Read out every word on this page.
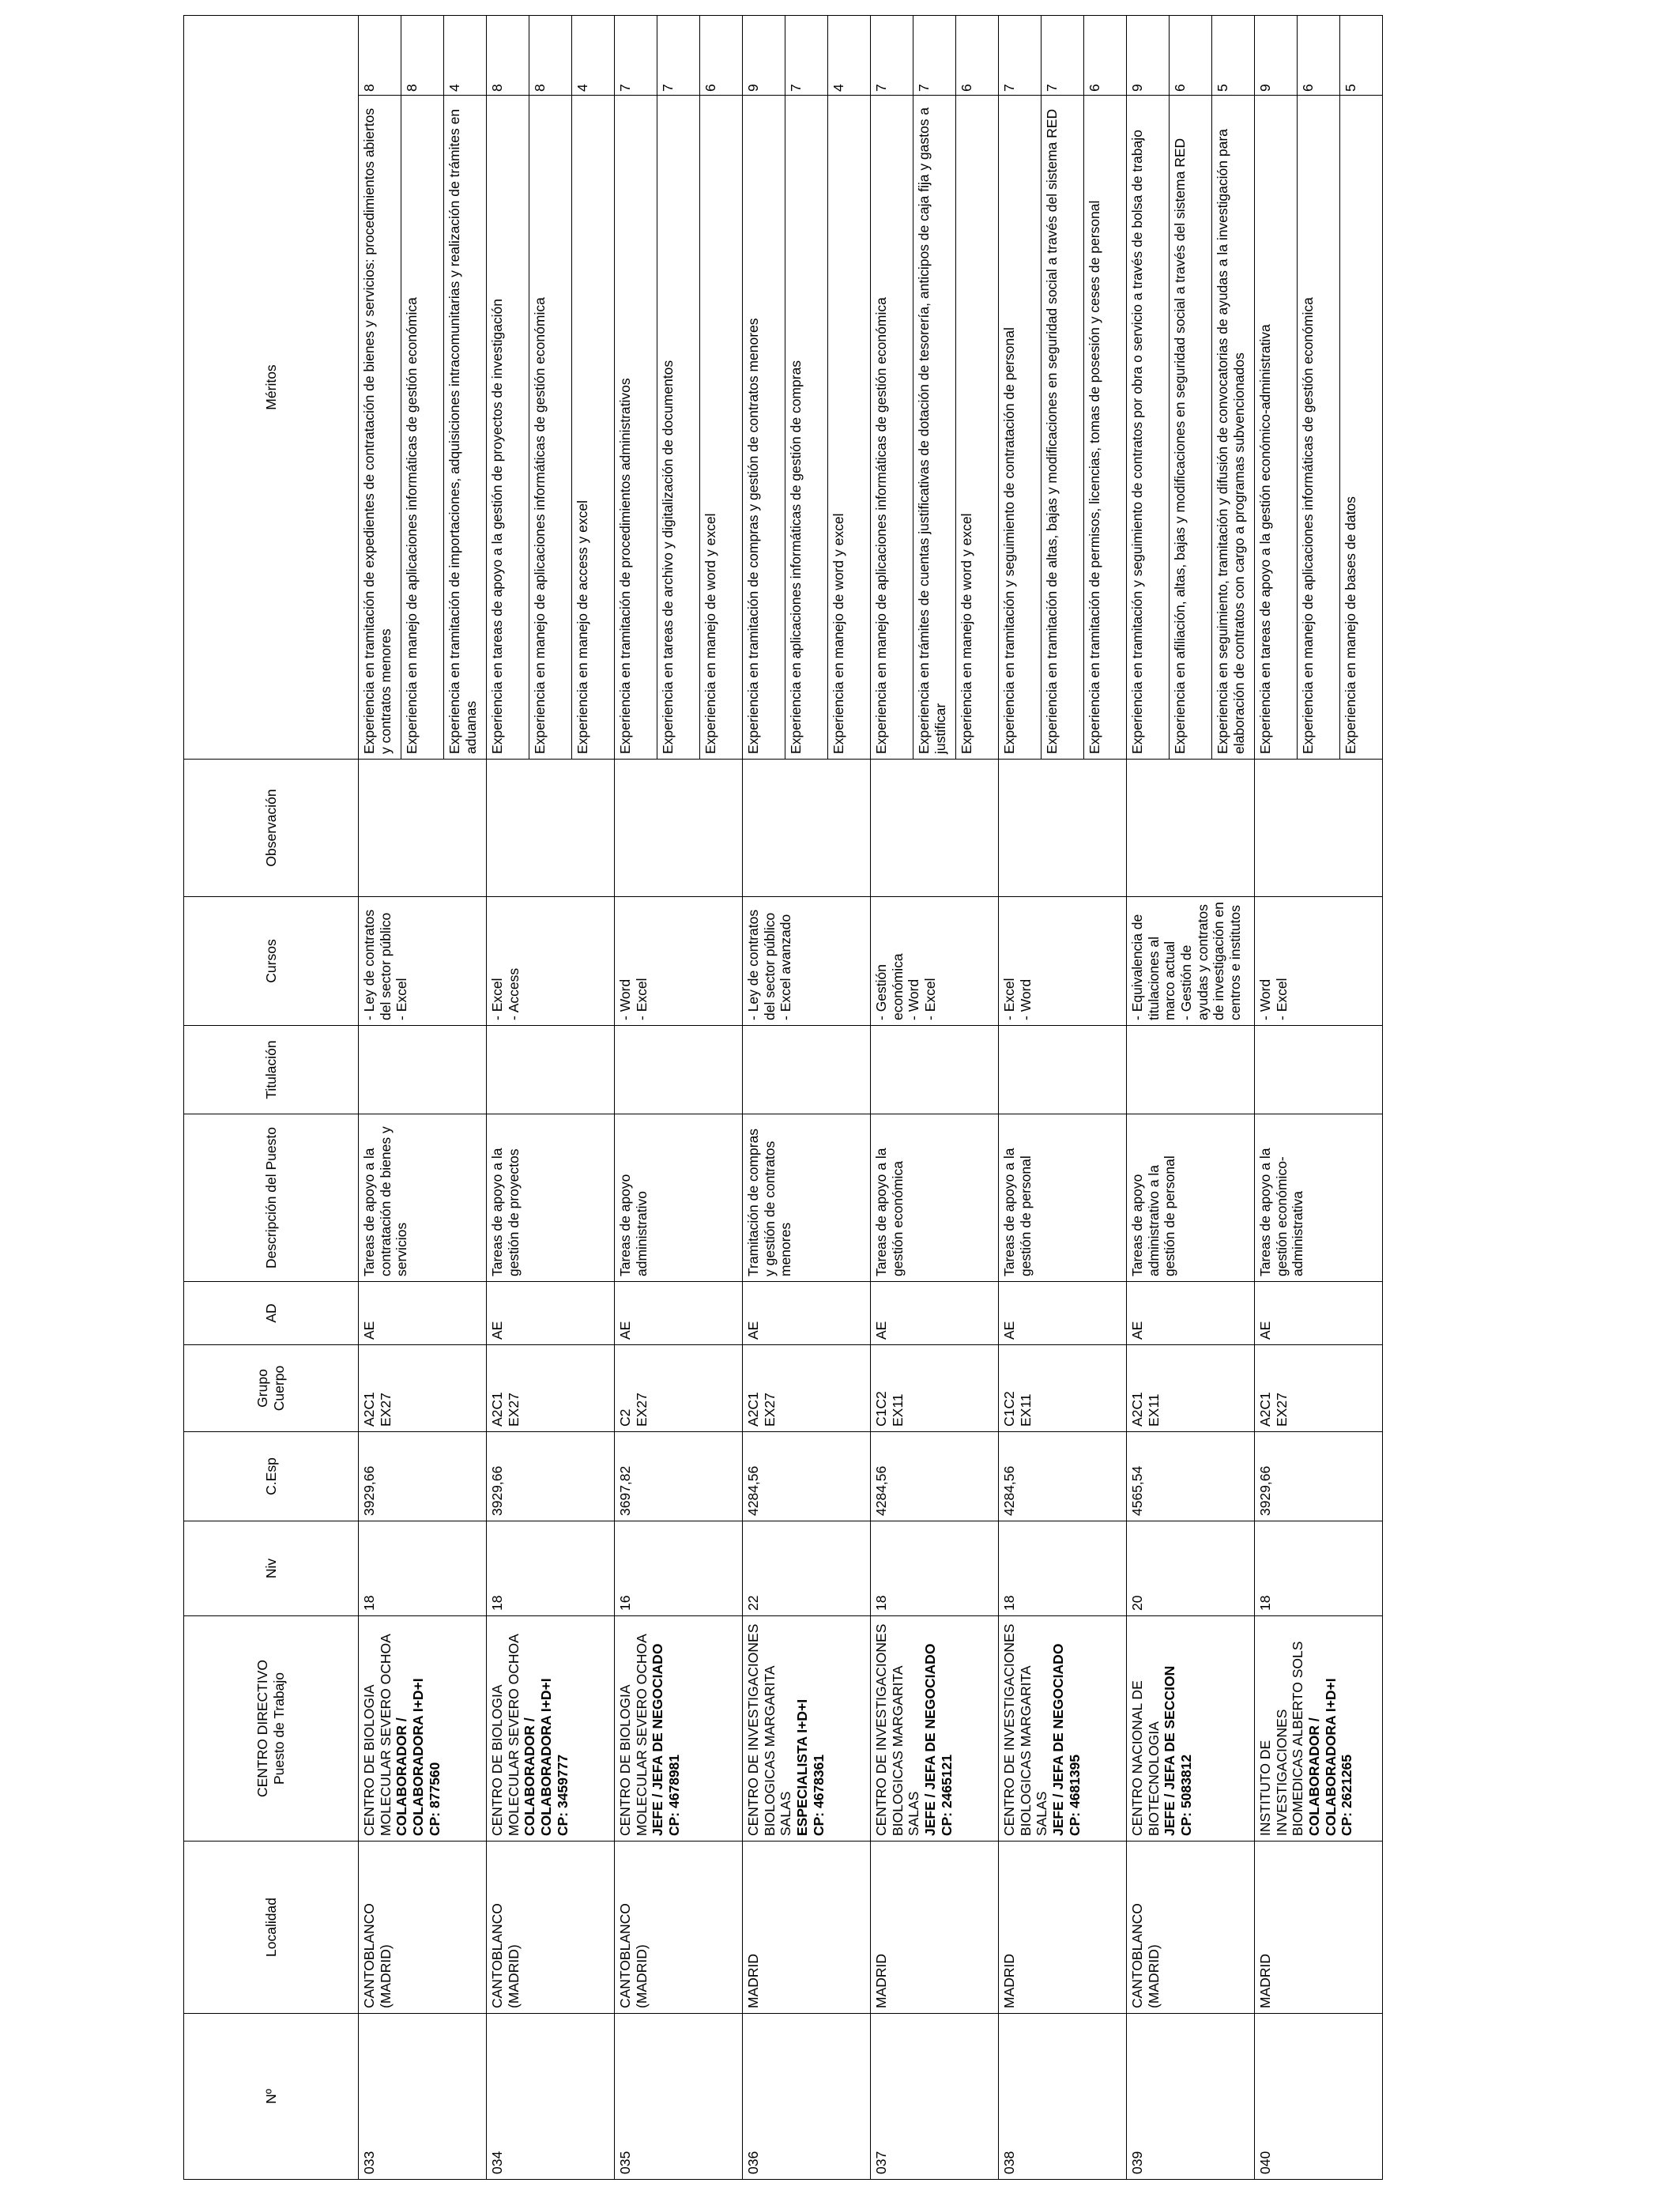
Nº	Localidad	CENTRO DIRECTIVO Puesto de Trabajo	Niv	C.Esp	Grupo Cuerpo	AD	Descripción del Puesto	Titulación	Cursos	Observación	Méritos	
033	CANTOBLANCO (MADRID)	CENTRO DE BIOLOGIA MOLECULAR SEVERO OCHOA COLABORADOR / COLABORADORA I+D+I CP: 877560	18	3929,66	A2C1 EX27	AE	Tareas de apoyo a la contratación de bienes y servicios		- Ley de contratos del sector público - Excel		Experiencia en tramitación de expedientes de contratación de bienes y servicios: procedimientos abiertos y contratos menores	8
											Experiencia en manejo de aplicaciones informáticas de gestión económica	8
											Experiencia en tramitación de importaciones, adquisiciones intracomunitarias y realización de trámites en aduanas	4
034	CANTOBLANCO (MADRID)	CENTRO DE BIOLOGIA MOLECULAR SEVERO OCHOA COLABORADOR / COLABORADORA I+D+I CP: 3459777	18	3929,66	A2C1 EX27	AE	Tareas de apoyo a la gestión de proyectos		- Excel - Access		Experiencia en tareas de apoyo a la gestión de proyectos de investigación	8
											Experiencia en manejo de aplicaciones informáticas de gestión económica	8
											Experiencia en manejo de access y excel	4
035	CANTOBLANCO (MADRID)	CENTRO DE BIOLOGIA MOLECULAR SEVERO OCHOA JEFE / JEFA DE NEGOCIADO CP: 4678981	16	3697,82	C2 EX27	AE	Tareas de apoyo administrativo		- Word - Excel		Experiencia en tramitación de procedimientos administrativos	7
											Experiencia en tareas de archivo y digitalización de documentos	7
											Experiencia en manejo de word y excel	6
036	MADRID	CENTRO DE INVESTIGACIONES BIOLOGICAS MARGARITA SALAS ESPECIALISTA I+D+I CP: 4678361	22	4284,56	A2C1 EX27	AE	Tramitación de compras y gestión de contratos menores		- Ley de contratos del sector público - Excel avanzado		Experiencia en tramitación de compras y gestión de contratos menores	9
											Experiencia en aplicaciones informáticas de gestión de compras	7
											Experiencia en manejo de word y excel	4
037	MADRID	CENTRO DE INVESTIGACIONES BIOLOGICAS MARGARITA SALAS JEFE / JEFA DE NEGOCIADO CP: 2465121	18	4284,56	C1C2 EX11	AE	Tareas de apoyo a la gestión económica		- Gestión económica - Word - Excel		Experiencia en manejo de aplicaciones informáticas de gestión económica	7
											Experiencia en trámites de cuentas justificativas de dotación de tesorería, anticipos de caja fija y gastos a justificar	7
											Experiencia en manejo de word y excel	6
038	MADRID	CENTRO DE INVESTIGACIONES BIOLOGICAS MARGARITA SALAS JEFE / JEFA DE NEGOCIADO CP: 4681395	18	4284,56	C1C2 EX11	AE	Tareas de apoyo a la gestión de personal		- Excel - Word		Experiencia en tramitación y seguimiento de contratación de personal	7
											Experiencia en tramitación de altas, bajas y modificaciones en seguridad social a través del sistema RED	7
											Experiencia en tramitación de permisos, licencias, tomas de posesión y ceses de personal	6
039	CANTOBLANCO (MADRID)	CENTRO NACIONAL DE BIOTECNOLOGIA JEFE / JEFA DE SECCION CP: 5083812	20	4565,54	A2C1 EX11	AE	Tareas de apoyo administrativo a la gestión de personal		- Equivalencia de titulaciones al marco actual - Gestión de ayudas y contratos de investigación en centros e institutos		Experiencia en tramitación y seguimiento de contratos por obra o servicio a través de bolsa de trabajo	9
											Experiencia en afiliación, altas, bajas y modificaciones en seguridad social a través del sistema RED	6
											Experiencia en seguimiento, tramitación y difusión de convocatorias de ayudas a la investigación para elaboración de contratos con cargo a programas subvencionados	5
040	MADRID	INSTITUTO DE INVESTIGACIONES BIOMEDICAS ALBERTO SOLS COLABORADOR / COLABORADORA I+D+I CP: 2621265	18	3929,66	A2C1 EX27	AE	Tareas de apoyo a la gestión económico-administrativa		- Word - Excel		Experiencia en tareas de apoyo a la gestión económico-administrativa	9
											Experiencia en manejo de aplicaciones informáticas de gestión económica	6
											Experiencia en manejo de bases de datos	5
